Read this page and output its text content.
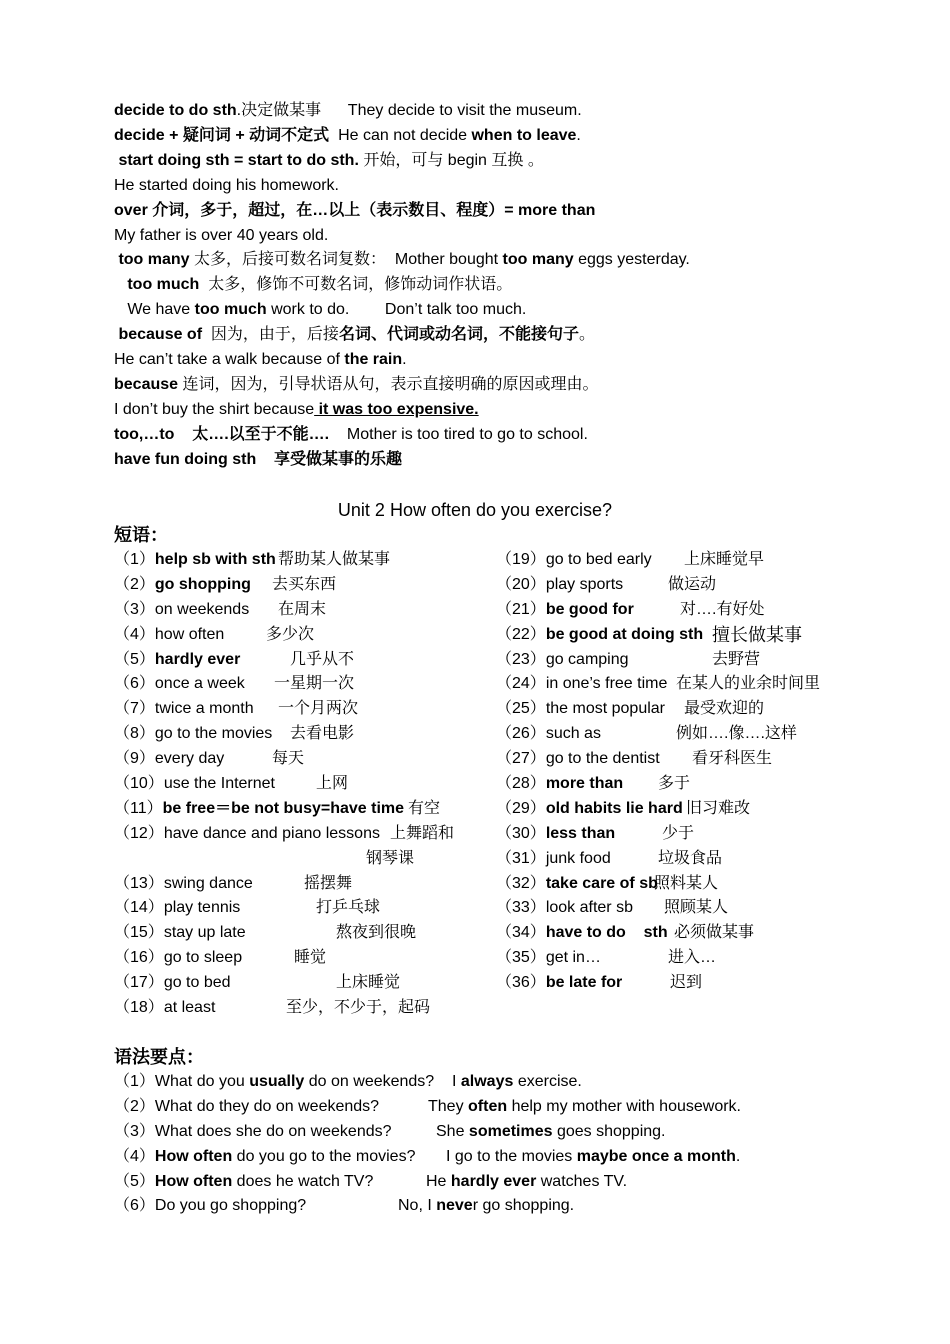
decide to do sth.决定做某事      They decide to visit the museum.
decide + 疑问词 + 动词不定式  He can not decide when to leave.
start doing sth = start to do sth. 开始，可与 begin 互换 。
He started doing his homework.
over 介词，多于，超过，在…以上（表示数目、程度）= more than
My father is over 40 years old.
too many 太多，后接可数名词复数：  Mother bought too many eggs yesterday.
too much  太多，修饰不可数名词，修饰动词作状语。
We have too much work to do.        Don’t talk too much.
because of  因为，由于，后接名词、代词或动名词，不能接句子。
He can’t take a walk because of the rain.
because 连词，因为，引导状语从句，表示直接明确的原因或理由。
I don’t buy the shirt because it was too expensive.
too,…to    太….以至于不能….    Mother is too tired to go to school.
have fun doing sth    享受做某事的乐趣
Unit 2 How often do you exercise?
短语：
（1）help sb with sth 帮助某人做某事
（2）go shopping 去买东西
（3）on weekends 在周末
（4）how often	多少次
（5）hardly ever	几乎从不
（6）once a week 一星期一次
（7）twice a month 一个月两次
（8）go to the movies 去看电影
（9）every day	每天
（10）use the Internet	上网
（11）be free＝be not busy=have time 有空
（12）have dance and piano lessons 上舞蹈和
钢琴课
（13）swing dance	摇摆舞
（14）play tennis	打乒乓球
（15）stay up late	熬夜到很晚
（16）go to sleep	睡觉
（17）go to bed	上床睡觉
（18）at least	至少，不少于，起码
（19）go to bed early 上床睡觉早
（20）play sports	做运动
（21）be good for	对….有好处
（22）be good at doing sth 擅长做某事
（23）go camping	去野营
（24）in one’s free time 在某人的业余时间里
（25）the most popular 最受欢迎的
（26）such as	例如….像….这样
（27）go to the dentist 看牙科医生
（28）more than 多于
（29）old habits lie hard 旧习难改
（30）less than	少于
（31）junk food	垃圾食品
（32）take care of sb
照料某人
（33）look after sb 照顾某人
（34）have to do    sth 必须做某事
（35）get in…	进入…
（36）be late for	迟到
语法要点：
（1）What do you usually do on weekends? I always exercise.
（2）What do they do on weekends?	They often help my mother with housework.
（3）What does she do on weekends?	She sometimes goes shopping.
（4）How often do you go to the movies? I go to the movies maybe once a month.
（5）How often does he watch TV?	He hardly ever watches TV.
（6）Do you go shopping?	No, I never go shopping.
